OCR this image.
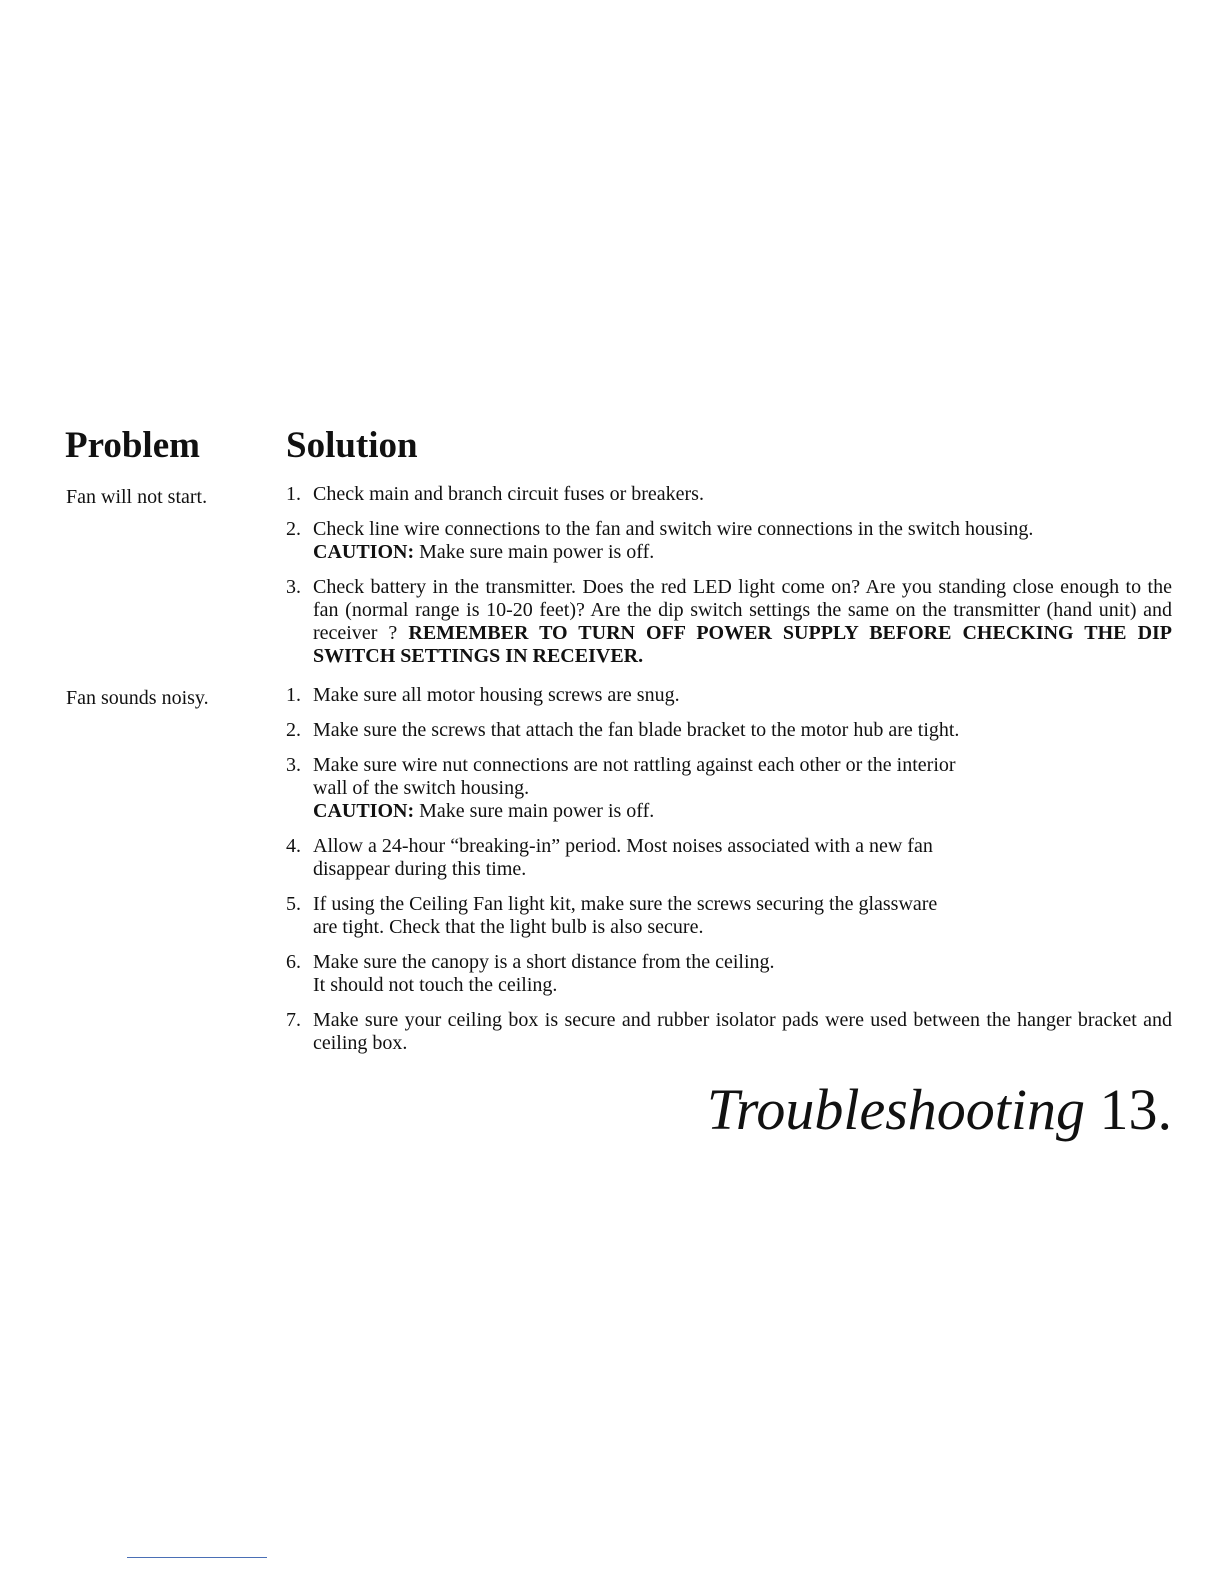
Problem Solution

Fan will not start.	1. Check main and branch circuit fuses or breakers.
2. Check line wire connections to the fan and switch wire connections in the switch housing.
CAUTION: Make sure main power is off.
3. Check battery in the transmitter. Does the red LED light come on? Are you standing close enough to the fan (normal range is 10-20 feet)? Are the dip switch settings the same on the transmitter (hand unit) and receiver ? REMEMBER TO TURN OFF POWER SUPPLY BEFORE CHECKING THE DIP SWITCH SETTINGS IN RECEIVER.

Fan sounds noisy.	1. Make sure all motor housing screws are snug.
2. Make sure the screws that attach the fan blade bracket to the motor hub are tight.
3. Make sure wire nut connections are not rattling against each other or the interior
wall of the switch housing.
CAUTION: Make sure main power is off.
4. Allow a 24-hour “breaking-in” period. Most noises associated with a new fan
disappear during this time.
5. If using the Ceiling Fan light kit, make sure the screws securing the glassware
are tight. Check that the light bulb is also secure.
6. Make sure the canopy is a short distance from the ceiling.
It should not touch the ceiling.
7. Make sure your ceiling box is secure and rubber isolator pads were used between the hanger bracket and ceiling box.
Troubleshooting 13.
